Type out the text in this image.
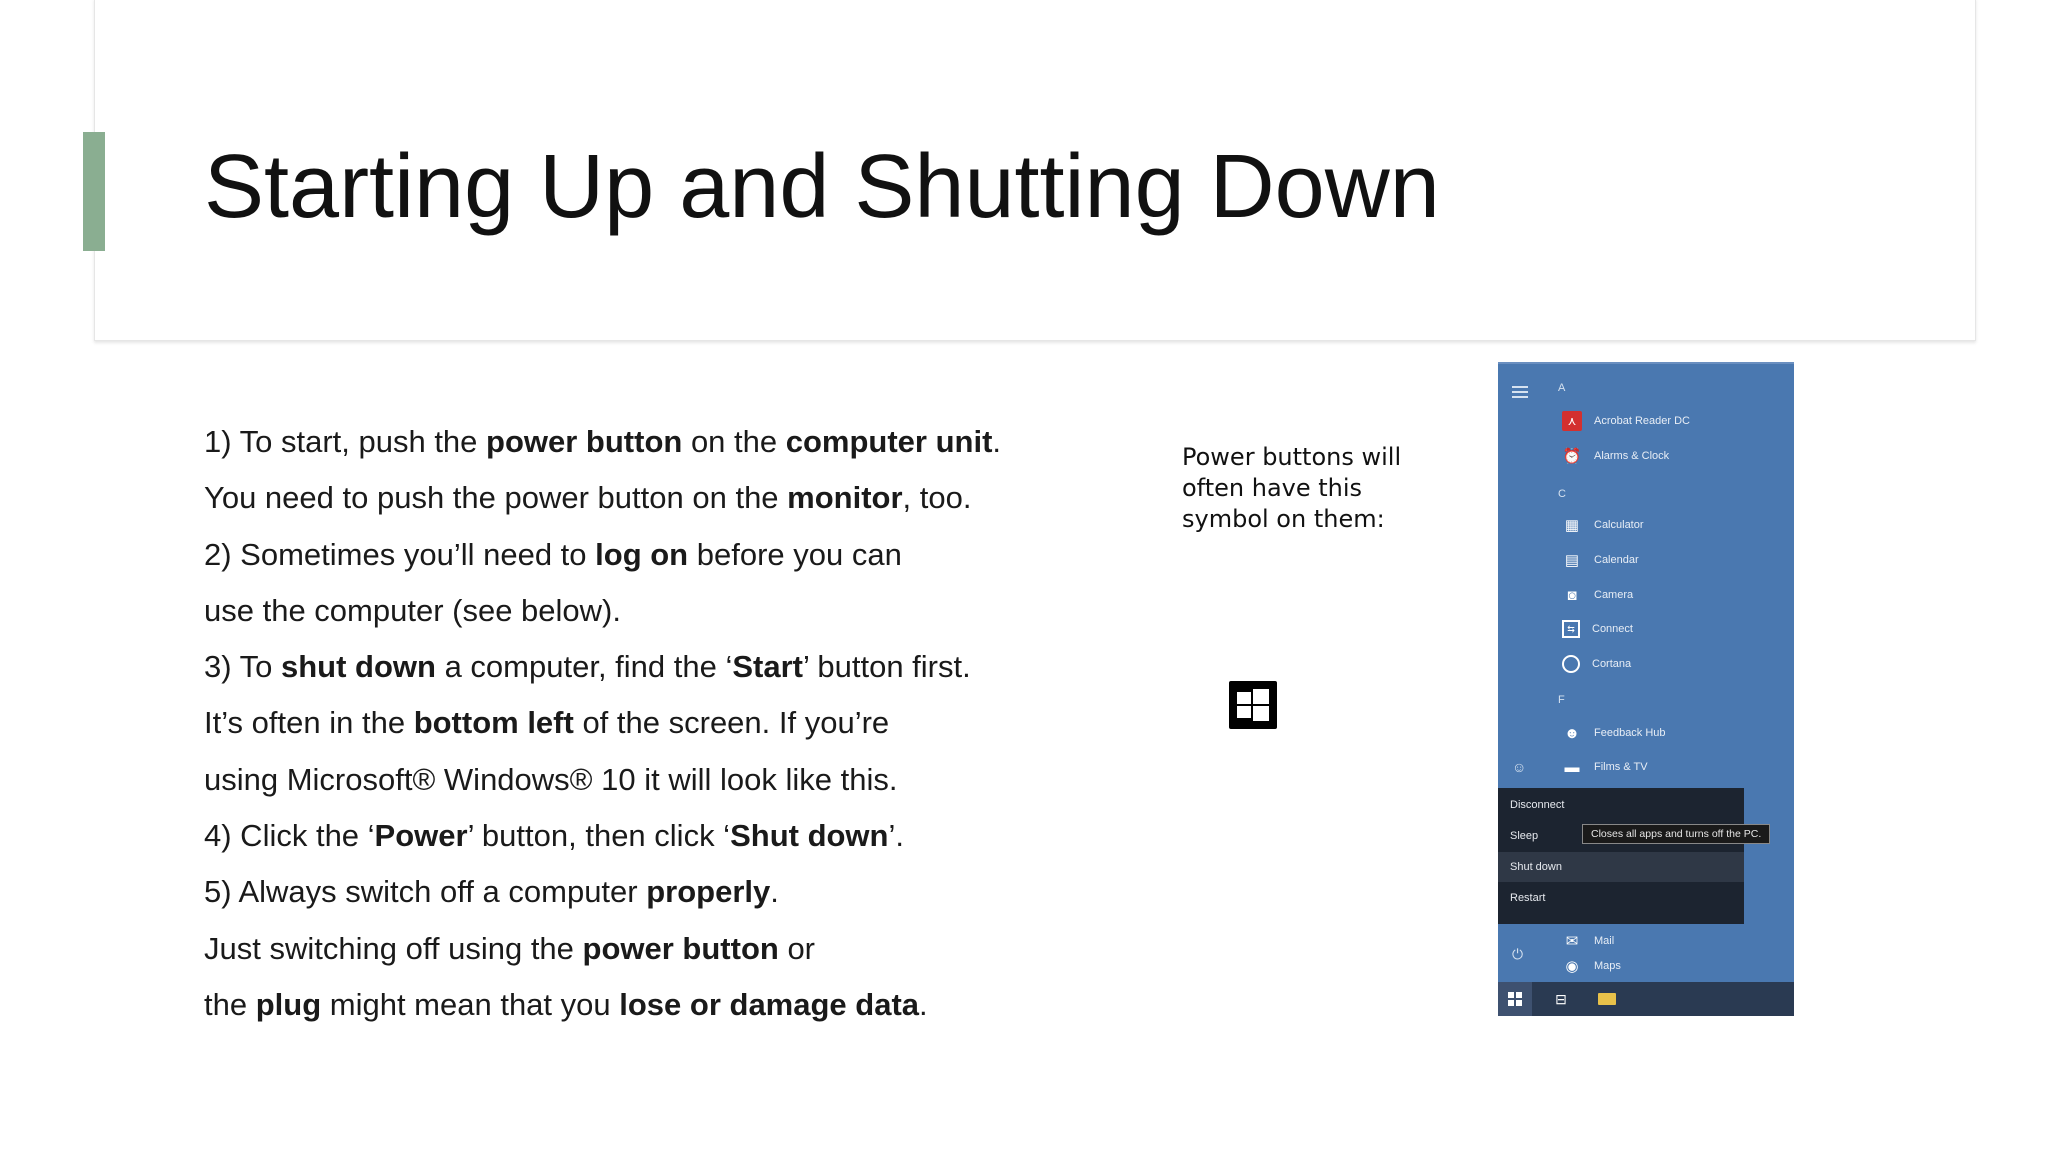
Starting Up and Shutting Down
1) To start, push the power button on the computer unit.
You need to push the power button on the monitor, too.
2) Sometimes you’ll need to log on before you can
use the computer (see below).
3) To shut down a computer, find the ‘Start’ button first.
It’s often in the bottom left of the screen. If you’re
using Microsoft® Windows® 10 it will look like this.
4) Click the ‘Power’ button, then click ‘Shut down’.
5) Always switch off a computer properly.
Just switching off using the power button or
the plug might mean that you lose or damage data.
Power buttons will often have this symbol on them:
A
⋏	Acrobat Reader DC
⏰ Alarms & Clock
C
▦ Calculator
▤ Calendar
◙	Camera
⇆	Connect
Cortana
F
☻ Feedback Hub
▬ Films & TV
☺
Disconnect
Sleep
Shut down
Restart
Closes all apps and turns off the PC.
✉	Mail
◉	Maps
⏻
⊟
